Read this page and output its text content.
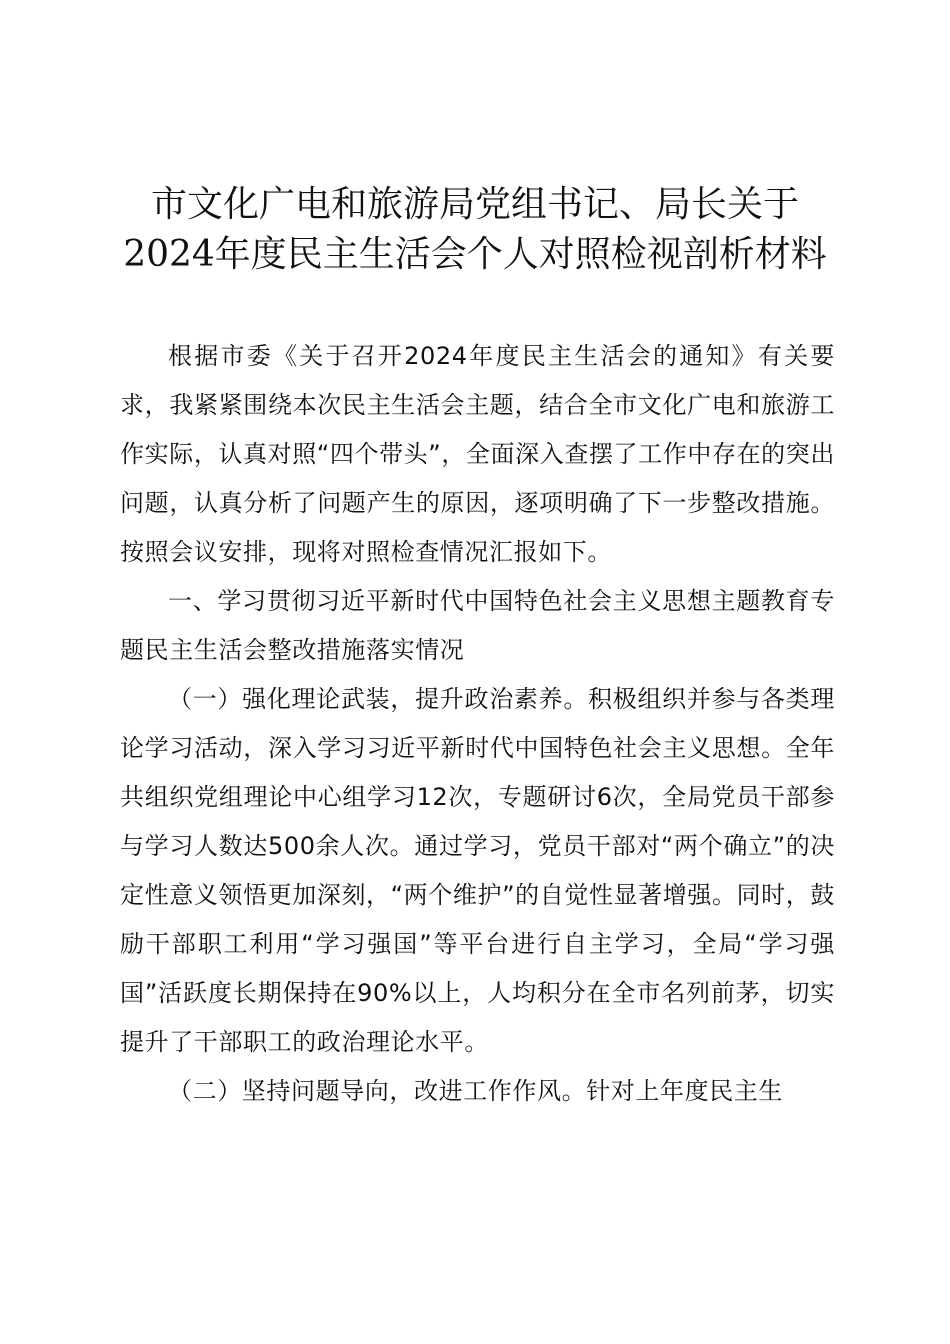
市文化广电和旅游局党组书记、局长关于
2024年度民主生活会个人对照检视剖析材料

根据市委《关于召开2024年度民主生活会的通知》有关要求，我紧紧围绕本次民主生活会主题，结合全市文化广电和旅游工作实际，认真对照“四个带头”，全面深入查摆了工作中存在的突出问题，认真分析了问题产生的原因，逐项明确了下一步整改措施。按照会议安排，现将对照检查情况汇报如下。

一、学习贯彻习近平新时代中国特色社会主义思想主题教育专题民主生活会整改措施落实情况

（一）强化理论武装，提升政治素养。积极组织并参与各类理论学习活动，深入学习习近平新时代中国特色社会主义思想。全年共组织党组理论中心组学习12次，专题研讨6次，全局党员干部参与学习人数达500余人次。通过学习，党员干部对“两个确立”的决定性意义领悟更加深刻，“两个维护”的自觉性显著增强。同时，鼓励干部职工利用“学习强国”等平台进行自主学习，全局“学习强国”活跃度长期保持在90%以上，人均积分在全市名列前茅，切实提升了干部职工的政治理论水平。

（二）坚持问题导向，改进工作作风。针对上年度民主生
